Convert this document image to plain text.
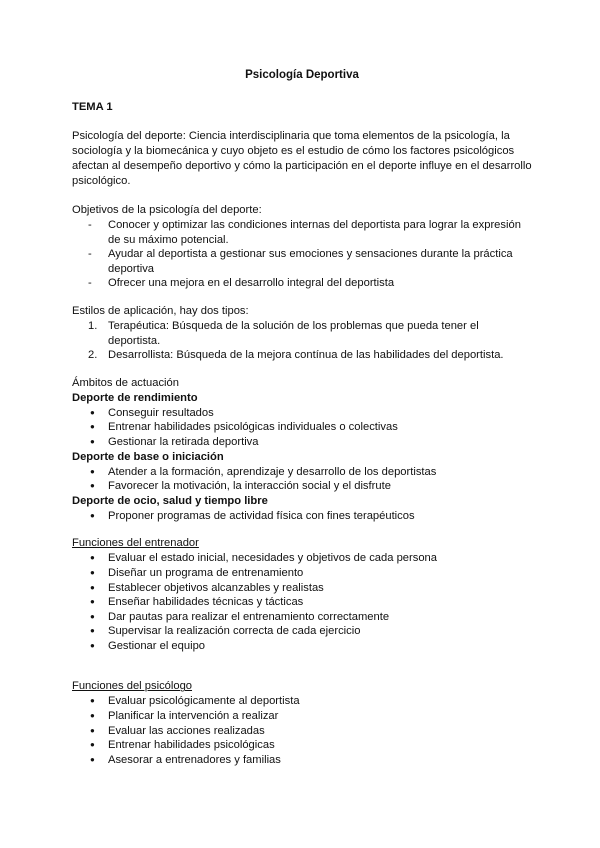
Psicología Deportiva

TEMA 1

Psicología del deporte: Ciencia interdisciplinaria que toma elementos de la psicología, la sociología y la biomecánica y cuyo objeto es el estudio de cómo los factores psicológicos afectan al desempeño deportivo y cómo la participación en el deporte influye en el desarrollo psicológico.

Objetivos de la psicología del deporte:

- Conocer y optimizar las condiciones internas del deportista para lograr la expresión de su máximo potencial.
- Ayudar al deportista a gestionar sus emociones y sensaciones durante la práctica deportiva
- Ofrecer una mejora en el desarrollo integral del deportista

Estilos de aplicación, hay dos tipos:

1. Terapéutica: Búsqueda de la solución de los problemas que pueda tener el deportista.
2. Desarrollista: Búsqueda de la mejora contínua de las habilidades del deportista.

Ámbitos de actuación

Deporte de rendimiento

● Conseguir resultados
● Entrenar habilidades psicológicas individuales o colectivas
● Gestionar la retirada deportiva

Deporte de base o iniciación

● Atender a la formación, aprendizaje y desarrollo de los deportistas
● Favorecer la motivación, la interacción social y el disfrute

Deporte de ocio, salud y tiempo libre

● Proponer programas de actividad física con fines terapéuticos

Funciones del entrenador

● Evaluar el estado inicial, necesidades y objetivos de cada persona
● Diseñar un programa de entrenamiento
● Establecer objetivos alcanzables y realistas
● Enseñar habilidades técnicas y tácticas
● Dar pautas para realizar el entrenamiento correctamente
● Supervisar la realización correcta de cada ejercicio
● Gestionar el equipo

Funciones del psicólogo

● Evaluar psicológicamente al deportista
● Planificar la intervención a realizar
● Evaluar las acciones realizadas
● Entrenar habilidades psicológicas
● Asesorar a entrenadores y familias
